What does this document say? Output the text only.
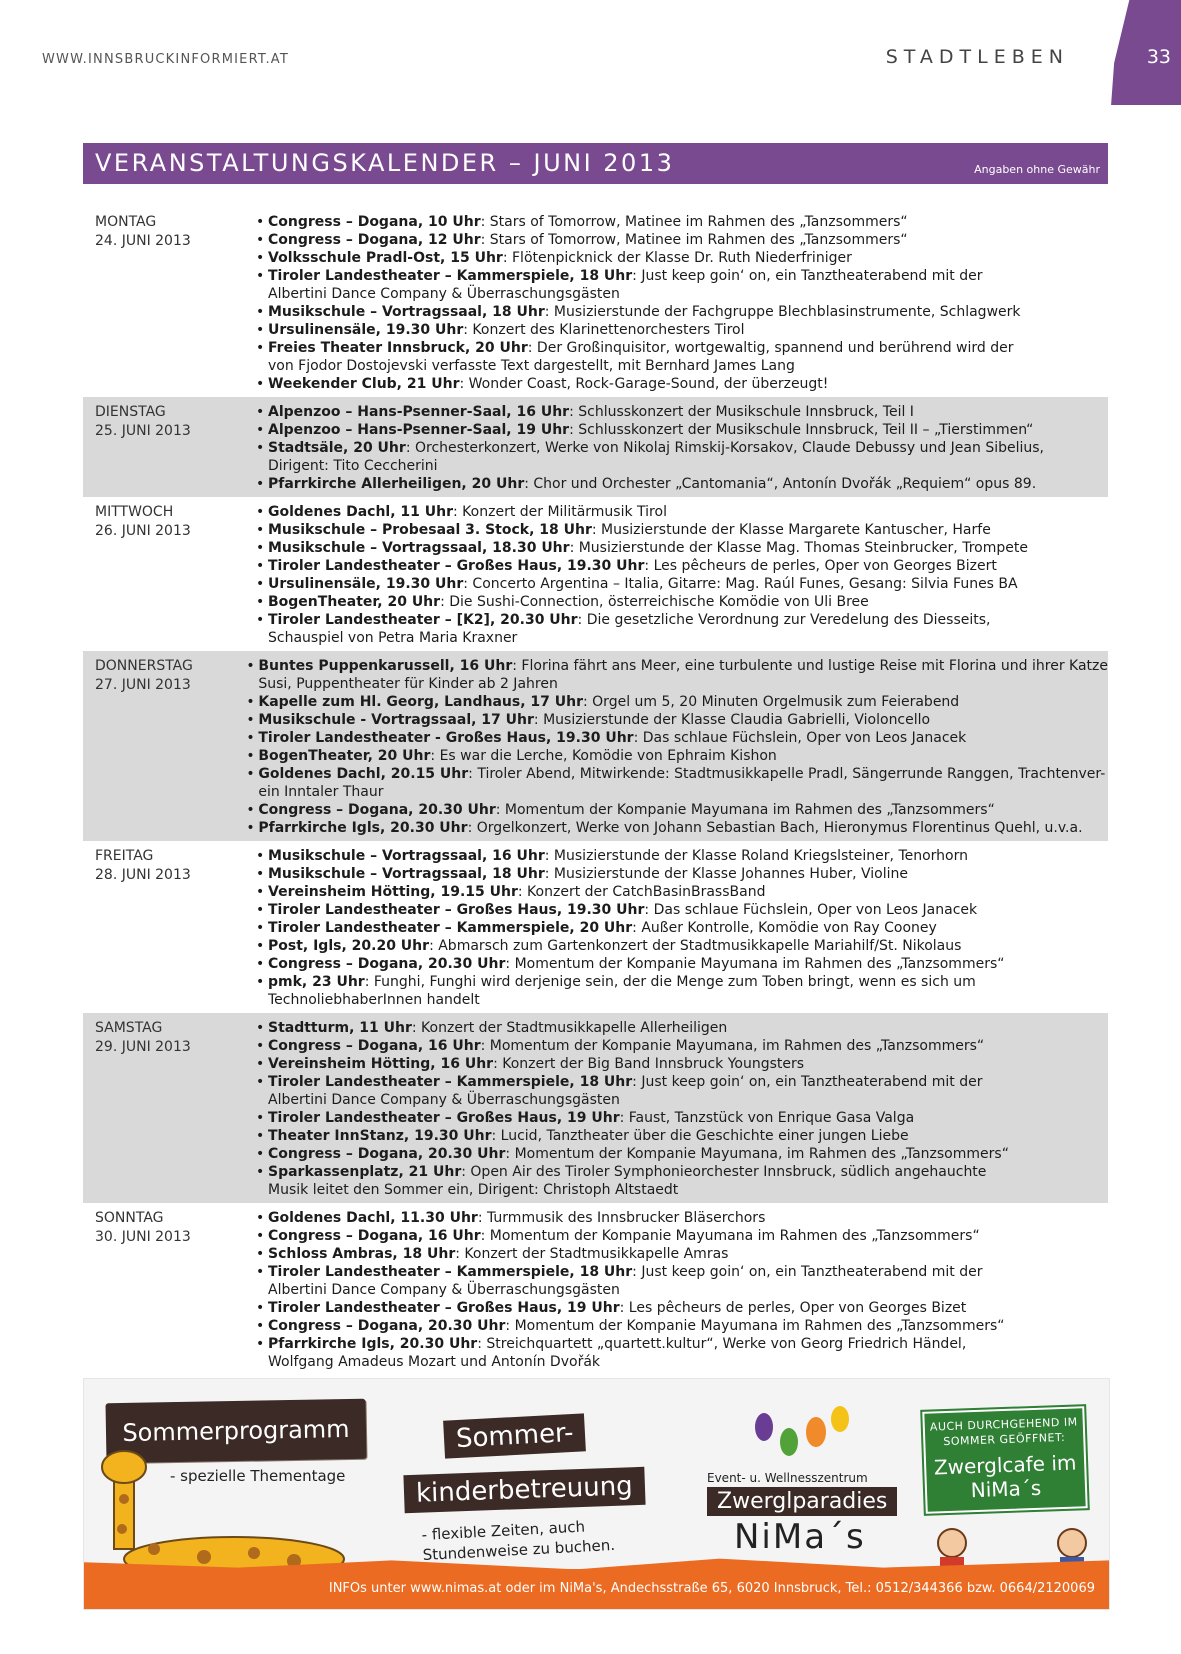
WWW.INNSBRUCKINFORMIERT.AT	STADTLEBEN	33
VERANSTALTUNGSKALENDER – JUNI 2013	Angaben ohne Gewähr
MONTAG
24. JUNI 2013
• Congress – Dogana, 10 Uhr: Stars of Tomorrow, Matinee im Rahmen des „Tanzsommers“
• Congress – Dogana, 12 Uhr: Stars of Tomorrow, Matinee im Rahmen des „Tanzsommers“
• Volksschule Pradl-Ost, 15 Uhr: Flötenpicknick der Klasse Dr. Ruth Niederfriniger
• Tiroler Landestheater – Kammerspiele, 18 Uhr: Just keep goin‘ on, ein Tanztheaterabend mit der
Albertini Dance Company & Überraschungsgästen
• Musikschule – Vortragssaal, 18 Uhr: Musizierstunde der Fachgruppe Blechblasinstrumente, Schlagwerk
• Ursulinensäle, 19.30 Uhr: Konzert des Klarinettenorchesters Tirol
• Freies Theater Innsbruck, 20 Uhr: Der Großinquisitor, wortgewaltig, spannend und berührend wird der
von Fjodor Dostojevski verfasste Text dargestellt, mit Bernhard James Lang
• Weekender Club, 21 Uhr: Wonder Coast, Rock-Garage-Sound, der überzeugt!
DIENSTAG
25. JUNI 2013
• Alpenzoo – Hans-Psenner-Saal, 16 Uhr: Schlusskonzert der Musikschule Innsbruck, Teil I
• Alpenzoo – Hans-Psenner-Saal, 19 Uhr: Schlusskonzert der Musikschule Innsbruck, Teil II – „Tierstimmen“
• Stadtsäle, 20 Uhr: Orchesterkonzert, Werke von Nikolaj Rimskij-Korsakov, Claude Debussy und Jean Sibelius,
Dirigent: Tito Ceccherini
• Pfarrkirche Allerheiligen, 20 Uhr: Chor und Orchester „Cantomania“, Antonín Dvořák „Requiem“ opus 89.
MITTWOCH
26. JUNI 2013
• Goldenes Dachl, 11 Uhr: Konzert der Militärmusik Tirol
• Musikschule – Probesaal 3. Stock, 18 Uhr: Musizierstunde der Klasse Margarete Kantuscher, Harfe
• Musikschule – Vortragssaal, 18.30 Uhr: Musizierstunde der Klasse Mag. Thomas Steinbrucker, Trompete
• Tiroler Landestheater – Großes Haus, 19.30 Uhr: Les pêcheurs de perles, Oper von Georges Bizert
• Ursulinensäle, 19.30 Uhr: Concerto Argentina – Italia, Gitarre: Mag. Raúl Funes, Gesang: Silvia Funes BA
• BogenTheater, 20 Uhr: Die Sushi-Connection, österreichische Komödie von Uli Bree
• Tiroler Landestheater – [K2], 20.30 Uhr: Die gesetzliche Verordnung zur Veredelung des Diesseits,
Schauspiel von Petra Maria Kraxner
DONNERSTAG
27. JUNI 2013
• Buntes Puppenkarussell, 16 Uhr: Florina fährt ans Meer, eine turbulente und lustige Reise mit Florina und ihrer Katze
Susi, Puppentheater für Kinder ab 2 Jahren
• Kapelle zum Hl. Georg, Landhaus, 17 Uhr: Orgel um 5, 20 Minuten Orgelmusik zum Feierabend
• Musikschule - Vortragssaal, 17 Uhr: Musizierstunde der Klasse Claudia Gabrielli, Violoncello
• Tiroler Landestheater - Großes Haus, 19.30 Uhr: Das schlaue Füchslein, Oper von Leos Janacek
• BogenTheater, 20 Uhr: Es war die Lerche, Komödie von Ephraim Kishon
• Goldenes Dachl, 20.15 Uhr: Tiroler Abend, Mitwirkende: Stadtmusikkapelle Pradl, Sängerrunde Ranggen, Trachtenver-
ein Inntaler Thaur
• Congress – Dogana, 20.30 Uhr: Momentum der Kompanie Mayumana im Rahmen des „Tanzsommers“
• Pfarrkirche Igls, 20.30 Uhr: Orgelkonzert, Werke von Johann Sebastian Bach, Hieronymus Florentinus Quehl, u.v.a.
FREITAG
28. JUNI 2013
• Musikschule – Vortragssaal, 16 Uhr: Musizierstunde der Klasse Roland Kriegslsteiner, Tenorhorn
• Musikschule – Vortragssaal, 18 Uhr: Musizierstunde der Klasse Johannes Huber, Violine
• Vereinsheim Hötting, 19.15 Uhr: Konzert der CatchBasinBrassBand
• Tiroler Landestheater – Großes Haus, 19.30 Uhr: Das schlaue Füchslein, Oper von Leos Janacek
• Tiroler Landestheater – Kammerspiele, 20 Uhr: Außer Kontrolle, Komödie von Ray Cooney
• Post, Igls, 20.20 Uhr: Abmarsch zum Gartenkonzert der Stadtmusikkapelle Mariahilf/St. Nikolaus
• Congress – Dogana, 20.30 Uhr: Momentum der Kompanie Mayumana im Rahmen des „Tanzsommers“
• pmk, 23 Uhr: Funghi, Funghi wird derjenige sein, der die Menge zum Toben bringt, wenn es sich um
TechnoliebhaberInnen handelt
SAMSTAG
29. JUNI 2013
• Stadtturm, 11 Uhr: Konzert der Stadtmusikkapelle Allerheiligen
• Congress – Dogana, 16 Uhr: Momentum der Kompanie Mayumana, im Rahmen des „Tanzsommers“
• Vereinsheim Hötting, 16 Uhr: Konzert der Big Band Innsbruck Youngsters
• Tiroler Landestheater – Kammerspiele, 18 Uhr: Just keep goin‘ on, ein Tanztheaterabend mit der
Albertini Dance Company & Überraschungsgästen
• Tiroler Landestheater – Großes Haus, 19 Uhr: Faust, Tanzstück von Enrique Gasa Valga
• Theater InnStanz, 19.30 Uhr: Lucid, Tanztheater über die Geschichte einer jungen Liebe
• Congress – Dogana, 20.30 Uhr: Momentum der Kompanie Mayumana, im Rahmen des „Tanzsommers“
• Sparkassenplatz, 21 Uhr: Open Air des Tiroler Symphonieorchester Innsbruck, südlich angehauchte
Musik leitet den Sommer ein, Dirigent: Christoph Altstaedt
SONNTAG
30. JUNI 2013
• Goldenes Dachl, 11.30 Uhr: Turmmusik des Innsbrucker Bläserchors
• Congress – Dogana, 16 Uhr: Momentum der Kompanie Mayumana im Rahmen des „Tanzsommers“
• Schloss Ambras, 18 Uhr: Konzert der Stadtmusikkapelle Amras
• Tiroler Landestheater – Kammerspiele, 18 Uhr: Just keep goin‘ on, ein Tanztheaterabend mit der
Albertini Dance Company & Überraschungsgästen
• Tiroler Landestheater – Großes Haus, 19 Uhr: Les pêcheurs de perles, Oper von Georges Bizet
• Congress – Dogana, 20.30 Uhr: Momentum der Kompanie Mayumana im Rahmen des „Tanzsommers“
• Pfarrkirche Igls, 20.30 Uhr: Streichquartett „quartett.kultur“, Werke von Georg Friedrich Händel,
Wolfgang Amadeus Mozart und Antonín Dvořák
Sommerprogramm
- spezielle Thementage
Sommer-
kinderbetreuung
- flexible Zeiten, auch Stundenweise zu buchen.
Event- u. Wellnesszentrum
Zwerglparadies
NiMa´s
AUCH DURCHGEHEND IM SOMMER GEÖFFNET:
Zwerglcafe im NiMa´s
INFOs unter www.nimas.at oder im NiMa's, Andechsstraße 65, 6020 Innsbruck, Tel.: 0512/344366 bzw. 0664/2120069
